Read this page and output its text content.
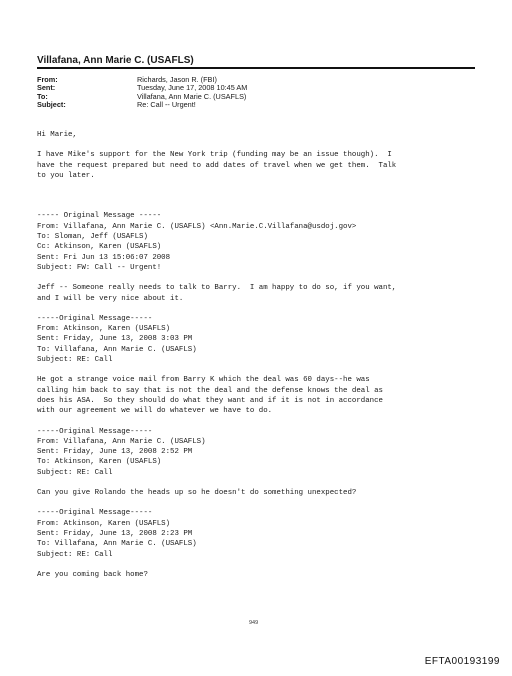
Villafana, Ann Marie C. (USAFLS)
From:	Richards, Jason R. (FBI)
Sent:	Tuesday, June 17, 2008 10:45 AM
To:	Villafana, Ann Marie C. (USAFLS)
Subject:	Re: Call -- Urgent!
Hi Marie,
I have Mike's support for the New York trip (funding may be an issue though).  I
have the request prepared but need to add dates of travel when we get them.  Talk
to you later.
----- Original Message -----
From: Villafana, Ann Marie C. (USAFLS) <Ann.Marie.C.Villafana@usdoj.gov>
To: Sloman, Jeff (USAFLS)
Cc: Atkinson, Karen (USAFLS)
Sent: Fri Jun 13 15:06:07 2008
Subject: FW: Call -- Urgent!
Jeff -- Someone really needs to talk to Barry.  I am happy to do so, if you want,
and I will be very nice about it.
-----Original Message-----
From: Atkinson, Karen (USAFLS)
Sent: Friday, June 13, 2008 3:03 PM
To: Villafana, Ann Marie C. (USAFLS)
Subject: RE: Call
He got a strange voice mail from Barry K which the deal was 60 days--he was
calling him back to say that is not the deal and the defense knows the deal as
does his ASA.  So they should do what they want and if it is not in accordance
with our agreement we will do whatever we have to do.
-----Original Message-----
From: Villafana, Ann Marie C. (USAFLS)
Sent: Friday, June 13, 2008 2:52 PM
To: Atkinson, Karen (USAFLS)
Subject: RE: Call
Can you give Rolando the heads up so he doesn't do something unexpected?
-----Original Message-----
From: Atkinson, Karen (USAFLS)
Sent: Friday, June 13, 2008 2:23 PM
To: Villafana, Ann Marie C. (USAFLS)
Subject: RE: Call
Are you coming back home?
949
EFTA00193199
